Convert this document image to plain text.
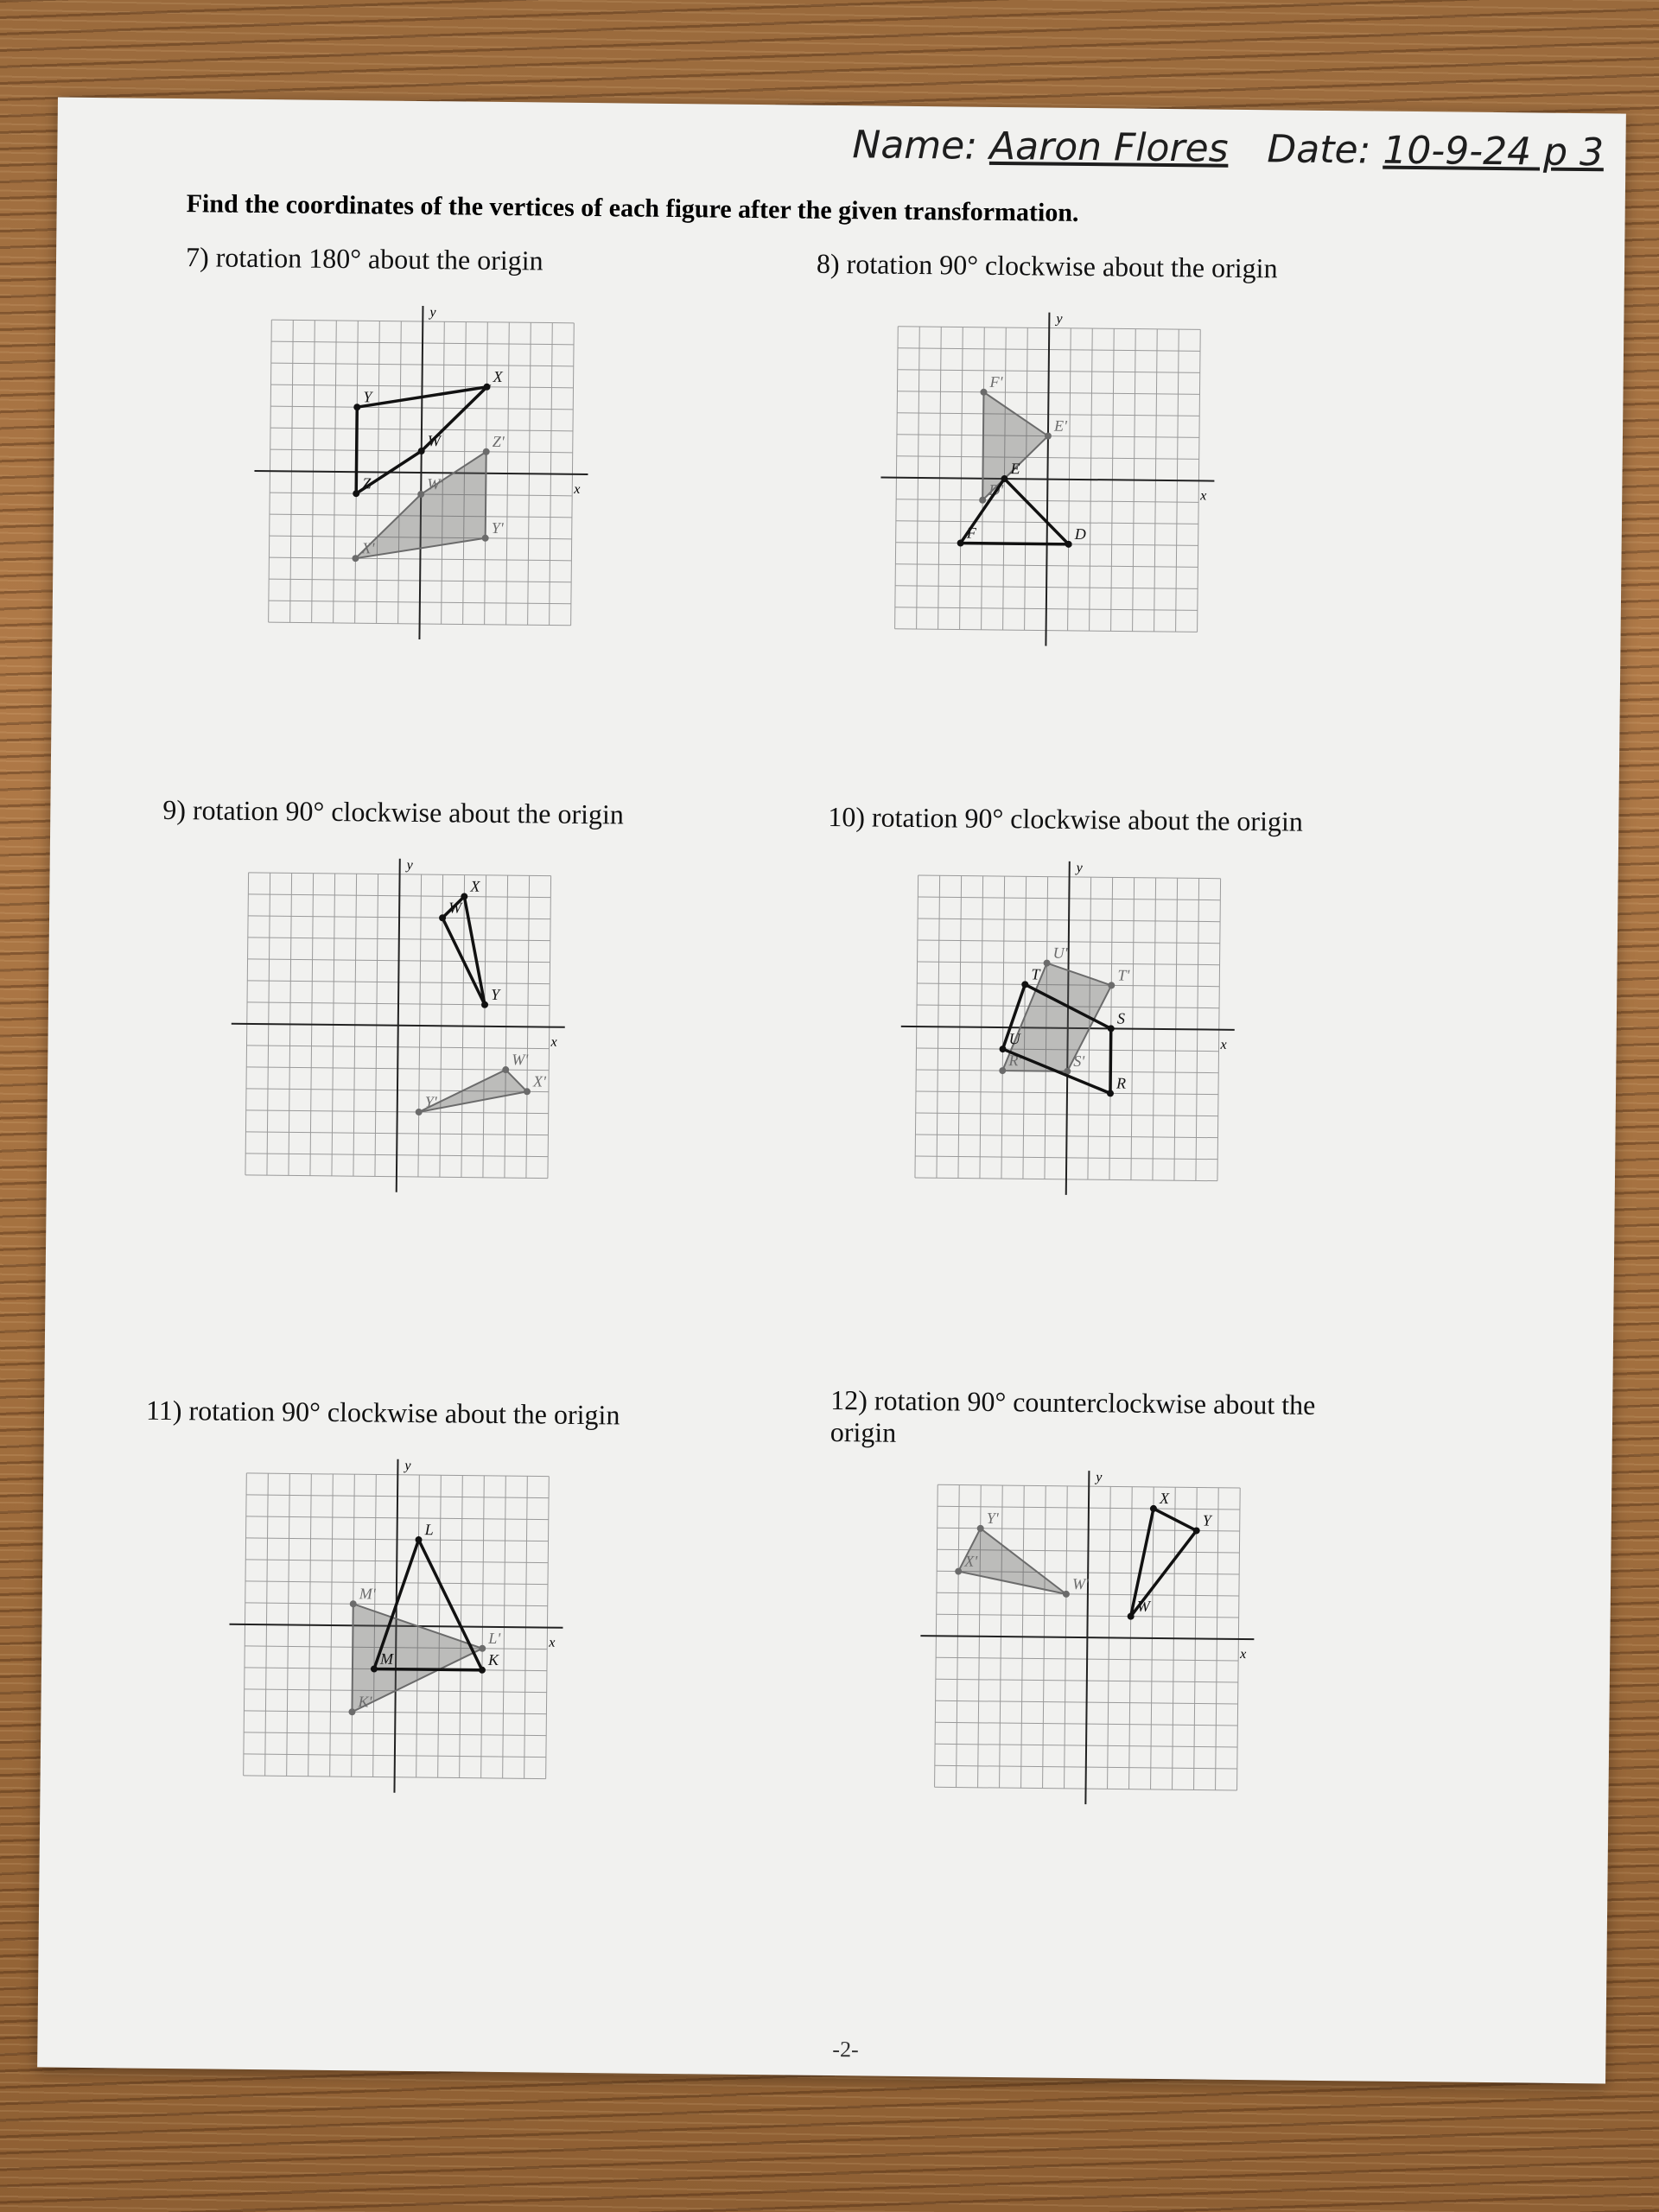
Name: Aaron Flores Date: 10-9-24 p 3
Find the coordinates of the vertices of each figure after the given transformation.
7) rotation 180° about the origin	8) rotation 90° clockwise about the origin
9) rotation 90° clockwise about the origin	10) rotation 90° clockwise about the origin
11) rotation 90° clockwise about the origin	12) rotation 90° counterclockwise about the origin
x
y
X'
W'
Z'
Y'
X
W
Z
Y
x
y
E'
D'
F'
E
D
F
x
y
W'
X'
Y'
W
X
Y
x
y
T'
S'
R'
U'
T
S
R
U
x
y
L'
K'
M'
L
K
M	x
y
X'
Y'
W'
X
Y
W
-2-
